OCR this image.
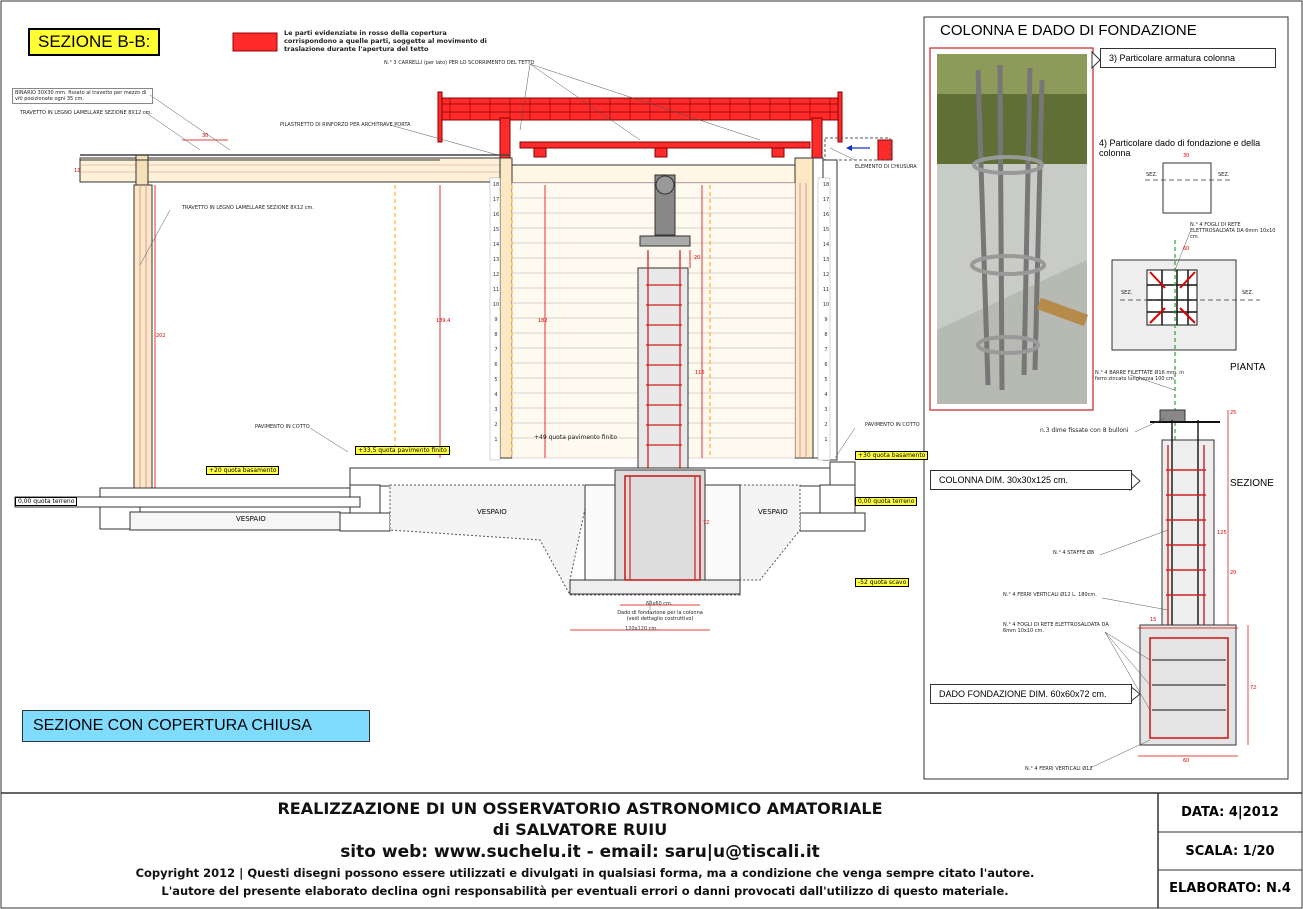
18
17
16
15
14
13
12
11
10
9
8
7
6
5
4
3
2
1
18
17
16
15
14
13
12
11
10
9
8
7
6
5
4
3
2
1
SEZIONE B-B:	Le parti evidenziate in rosso della copertura corrispondono a quelle parti, soggette al movimento di traslazione durante l'apertura del tetto
N.° 3 CARRELLI (per lato) PER LO SCORRIMENTO DEL TETTO
BINARIO 30X30 mm. fissato al travetto per mezzo di viti posizionate ogni 35 cm.
TRAVETTO IN LEGNO LAMELLARE SEZIONE 8X12 cm.
TRAVETTO IN LEGNO LAMELLARE SEZIONE 8X12 cm.
PILASTRETTO DI RINFORZO PER ARCHITRAVE PORTA
ELEMENTO DI CHIUSURA
PAVIMENTO IN COTTO	PAVIMENTO IN COTTO
VESPAIO
VESPAIO	VESPAIO
Dado di fondazione per la colonna (vedi dettaglio costruttivo)
+33,5 quota pavimento finito
+49 quota pavimento finito
+20 quota basamento
+30 quota basamento
0,00 quota terreno	0,00 quota terreno
-52 quota scavo
30
12
202
189,4	182
20
116
72
60x60 cm.
120x120 cm.
SEZIONE CON COPERTURA CHIUSA
COLONNA E DADO DI FONDAZIONE
3) Particolare armatura colonna
4) Particolare dado di fondazione e della colonna
PIANTA
SEZIONE
COLONNA DIM. 30x30x125 cm.
DADO FONDAZIONE DIM. 60x60x72 cm.
n.3 dime fissate con 8 bulloni
SEZ.	SEZ.
SEZ.	SEZ.
N.° 4 FOGLI DI RETE ELETTROSALDATA DA 6mm 10x10 cm.
N.° 4 BARRE FILETTATE Ø16 mm. in ferro zincato lunghezza 100 cm.
N.° 4 STAFFE Ø8
N.° 4 FERRI VERTICALI Ø12 L. 180cm.
N.° 4 FOGLI DI RETE ELETTROSALDATA DA 6mm 10x10 cm.
N.° 4 FERRI VERTICALI Ø12
30
60
25
125
72
60
15
20
REALIZZAZIONE DI UN OSSERVATORIO ASTRONOMICO AMATORIALE
di SALVATORE RUIU
sito web: www.suchelu.it - email: saru|u@tiscali.it
Copyright 2012 | Questi disegni possono essere utilizzati e divulgati in qualsiasi forma, ma a condizione che venga sempre citato l'autore.
L'autore del presente elaborato declina ogni responsabilità per eventuali errori o danni provocati dall'utilizzo di questo materiale.
DATA: 4|2012
SCALA: 1/20
ELABORATO: N.4
